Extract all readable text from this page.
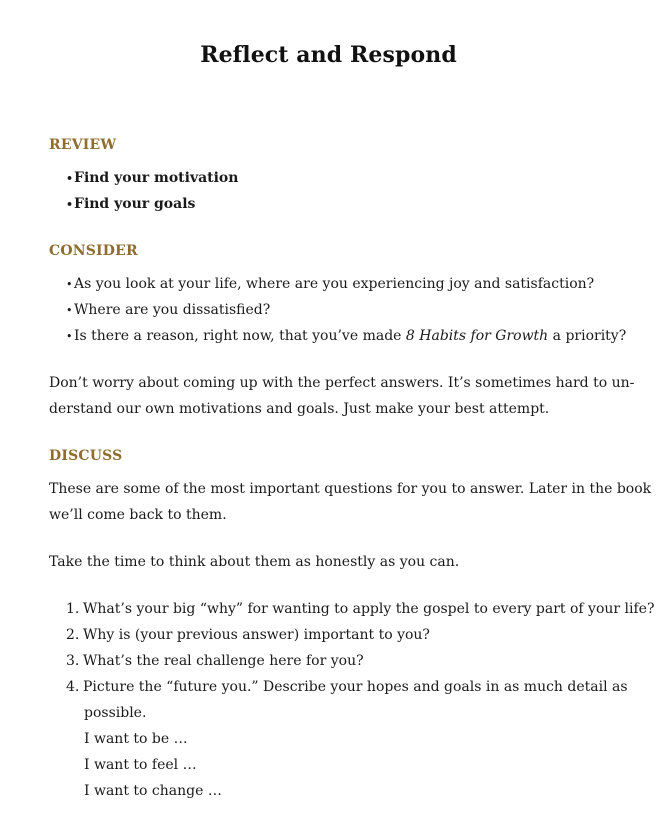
Reflect and Respond
REVIEW
• Find your motivation
• Find your goals
CONSIDER
• As you look at your life, where are you experiencing joy and satisfaction?
• Where are you dissatisfied?
• Is there a reason, right now, that you’ve made 8 Habits for Growth a priority?
Don’t worry about coming up with the perfect answers. It’s sometimes hard to un-
derstand our own motivations and goals. Just make your best attempt.
DISCUSS
These are some of the most important questions for you to answer. Later in the book
we’ll come back to them.
Take the time to think about them as honestly as you can.
1. What’s your big “why” for wanting to apply the gospel to every part of your life?
2. Why is (your previous answer) important to you?
3. What’s the real challenge here for you?
4. Picture the “future you.” Describe your hopes and goals in as much detail as
possible.
I want to be …
I want to feel …
I want to change …
